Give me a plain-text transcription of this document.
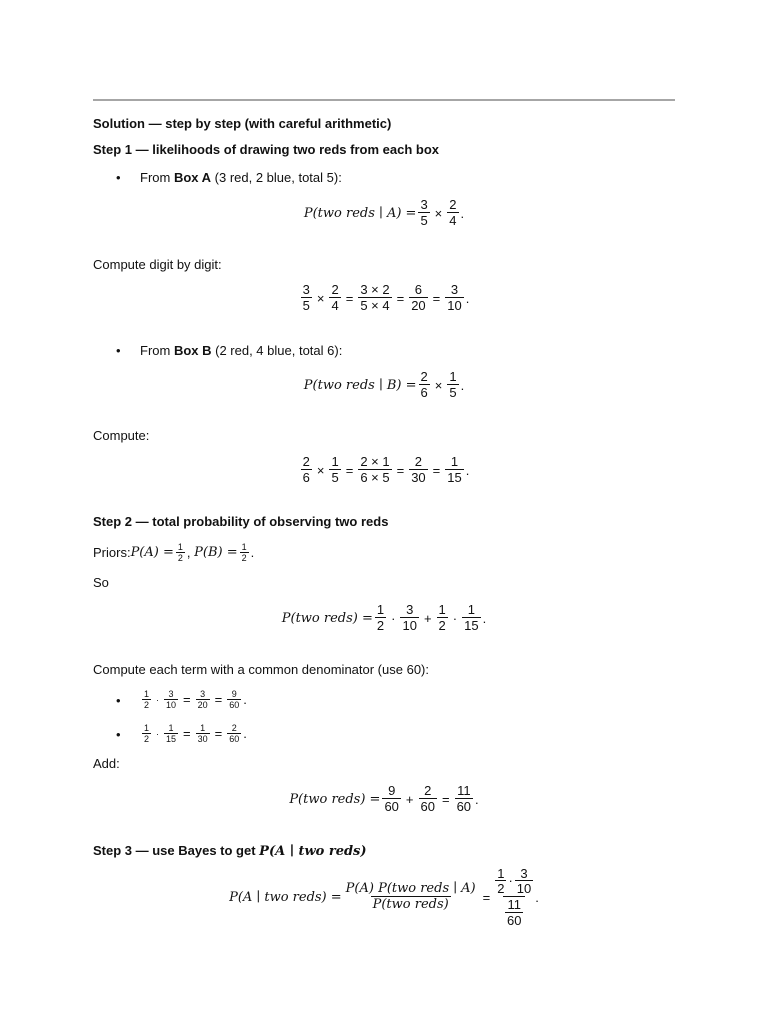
Solution — step by step (with careful arithmetic)
Step 1 — likelihoods of drawing two reds from each box
• From Box A (3 red, 2 blue, total 5):
P(two reds ∣ $A) = \frac{3}{5} \times \frac{2}{4}$ .
Compute digit by digit:
$\frac{3}{5} \times \frac{2}{4} = \frac{3 \times 2}{5 \times 4} = \frac{6}{20} = \frac{3}{10}$ .
• From Box B (2 red, 4 blue, total 6):
P(two reds ∣ $B) = \frac{2}{6} \times \frac{1}{5}$ .
Compute:
$\frac{2}{6} \times \frac{1}{5} = \frac{2 \times 1}{6 \times 5} = \frac{2}{30} = \frac{1}{15}$ .
Step 2 — total probability of observing two reds
Priors: $P(A) = \frac{1}{2}$ , $P(B) = \frac{1}{2}$ .
So
P(two reds) = $\frac{1}{2} \cdot \frac{3}{10} + \frac{1}{2} \cdot \frac{1}{15}$ .
Compute each term with a common denominator (use 60):
• $\frac{1}{2} \cdot \frac{3}{10} = \frac{3}{20} = \frac{9}{60}$ .
• $\frac{1}{2} \cdot \frac{1}{15} = \frac{1}{30} = \frac{2}{60}$ .
Add:
P(two reds) = $\frac{9}{60} + \frac{2}{60} = \frac{11}{60}$ .
Step 3 — use Bayes to get P(A ∣ two reds)
P(A ∣ two reds) = $\frac{\text{P(A) P(two reds ∣ A)}}{\text{P(two reds)}} = \frac{\frac{1}{2} \cdot \frac{3}{10}}{\frac{11}{60}}$ .
